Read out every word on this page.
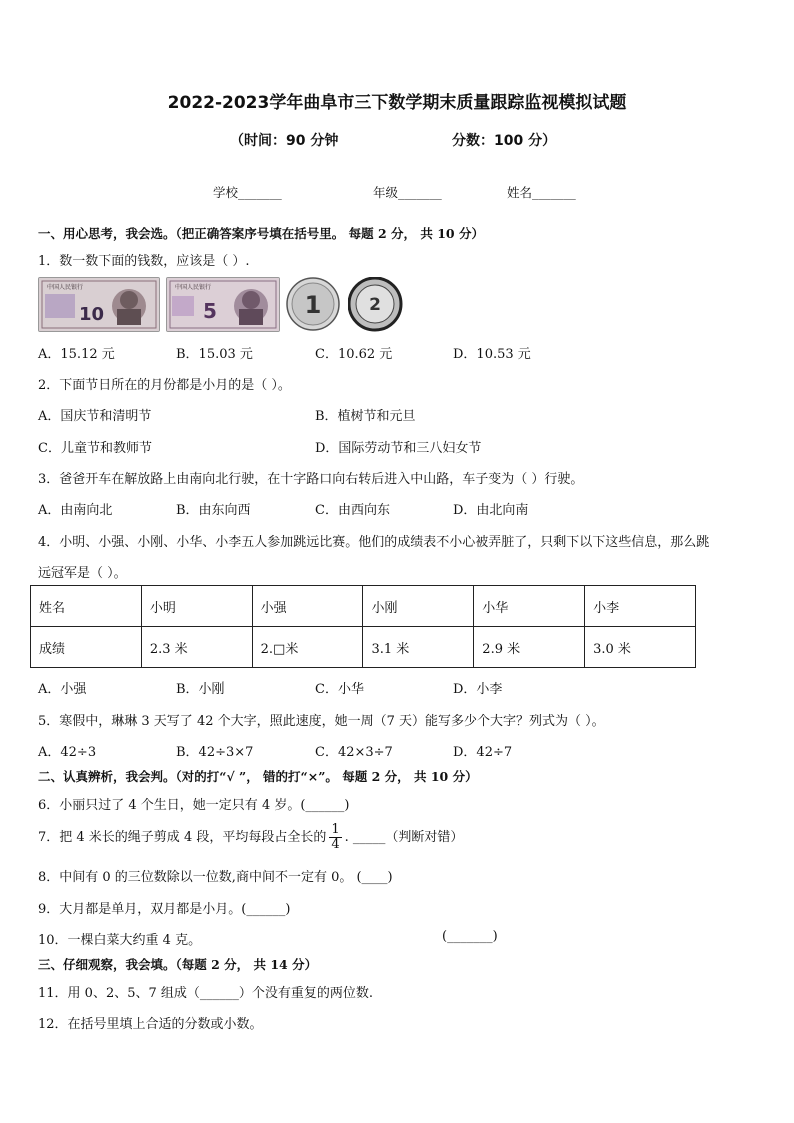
2022-2023学年曲阜市三下数学期末质量跟踪监视模拟试题
（时间：90 分钟	分数：100 分）
学校_______	年级_______	姓名_______
一、用心思考，我会选。（把正确答案序号填在括号里。 每题 2 分， 共 10 分）
1．数一数下面的钱数，应该是（ ）.
中国人民银行
10
中国人民银行
5	1	2
A．15.12 元	B．15.03 元	C．10.62 元	D．10.53 元
2．下面节日所在的月份都是小月的是（ ）。
A．国庆节和清明节	B．植树节和元旦
C．儿童节和教师节	D．国际劳动节和三八妇女节
3．爸爸开车在解放路上由南向北行驶，在十字路口向右转后进入中山路，车子变为（ ）行驶。
A．由南向北	B．由东向西	C．由西向东	D．由北向南
4．小明、小强、小刚、小华、小李五人参加跳远比赛。他们的成绩表不小心被弄脏了，只剩下以下这些信息，那么跳
远冠军是（ ）。
姓名	小明	小强	小刚	小华	小李
成绩	2.3 米	2.□米	3.1 米	2.9 米	3.0 米
A．小强	B．小刚	C．小华	D．小李
5．寒假中，琳琳 3 天写了 42 个大字，照此速度，她一周（7 天）能写多少个大字？列式为（ ）。
A．42÷3	B．42÷3×7	C．42×3÷7	D．42÷7
二、认真辨析，我会判。（对的打“√ ”， 错的打“×”。 每题 2 分， 共 10 分）
6．小丽只过了 4 个生日，她一定只有 4 岁。(______)
7．把 4 米长的绳子剪成 4 段，平均每段占全长的 $\frac{1}{4}$ . _____（判断对错）
8．中间有 0 的三位数除以一位数,商中间不一定有 0。 (____)
9．大月都是单月，双月都是小月。(______)
10．一棵白菜大约重 4 克。	(_______)
三、仔细观察，我会填。（每题 2 分， 共 14 分）
11．用 0、2、5、7 组成（______）个没有重复的两位数.
12．在括号里填上合适的分数或小数。
